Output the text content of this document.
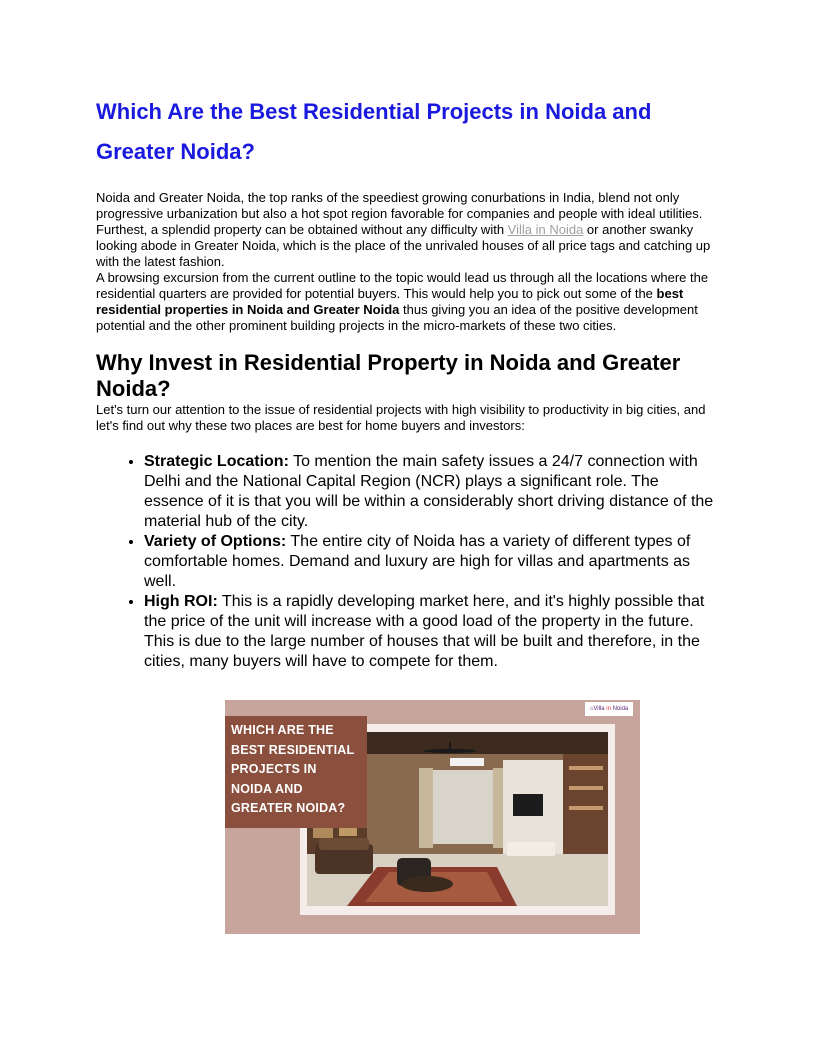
Which Are the Best Residential Projects in Noida and
Greater Noida?

Noida and Greater Noida, the top ranks of the speediest growing conurbations in India, blend not only progressive urbanization but also a hot spot region favorable for companies and people with ideal utilities. Furthest, a splendid property can be obtained without any difficulty with Villa in Noida or another swanky looking abode in Greater Noida, which is the place of the unrivaled houses of all price tags and catching up with the latest fashion.

A browsing excursion from the current outline to the topic would lead us through all the locations where the residential quarters are provided for potential buyers. This would help you to pick out some of the best residential properties in Noida and Greater Noida thus giving you an idea of the positive development potential and the other prominent building projects in the micro-markets of these two cities.

Why Invest in Residential Property in Noida and Greater Noida?

Let's turn our attention to the issue of residential projects with high visibility to productivity in big cities, and let's find out why these two places are best for home buyers and investors:

• Strategic Location: To mention the main safety issues a 24/7 connection with Delhi and the National Capital Region (NCR) plays a significant role. The essence of it is that you will be within a considerably short driving distance of the material hub of the city.
• Variety of Options: The entire city of Noida has a variety of different types of comfortable homes. Demand and luxury are high for villas and apartments as well.
• High ROI: This is a rapidly developing market here, and it's highly possible that the price of the unit will increase with a good load of the property in the future. This is due to the large number of houses that will be built and therefore, in the cities, many buyers will have to compete for them.
WHICH ARE THE
BEST RESIDENTIAL
PROJECTS IN
NOIDA AND
GREATER NOIDA?
⌂Villa in Noida
